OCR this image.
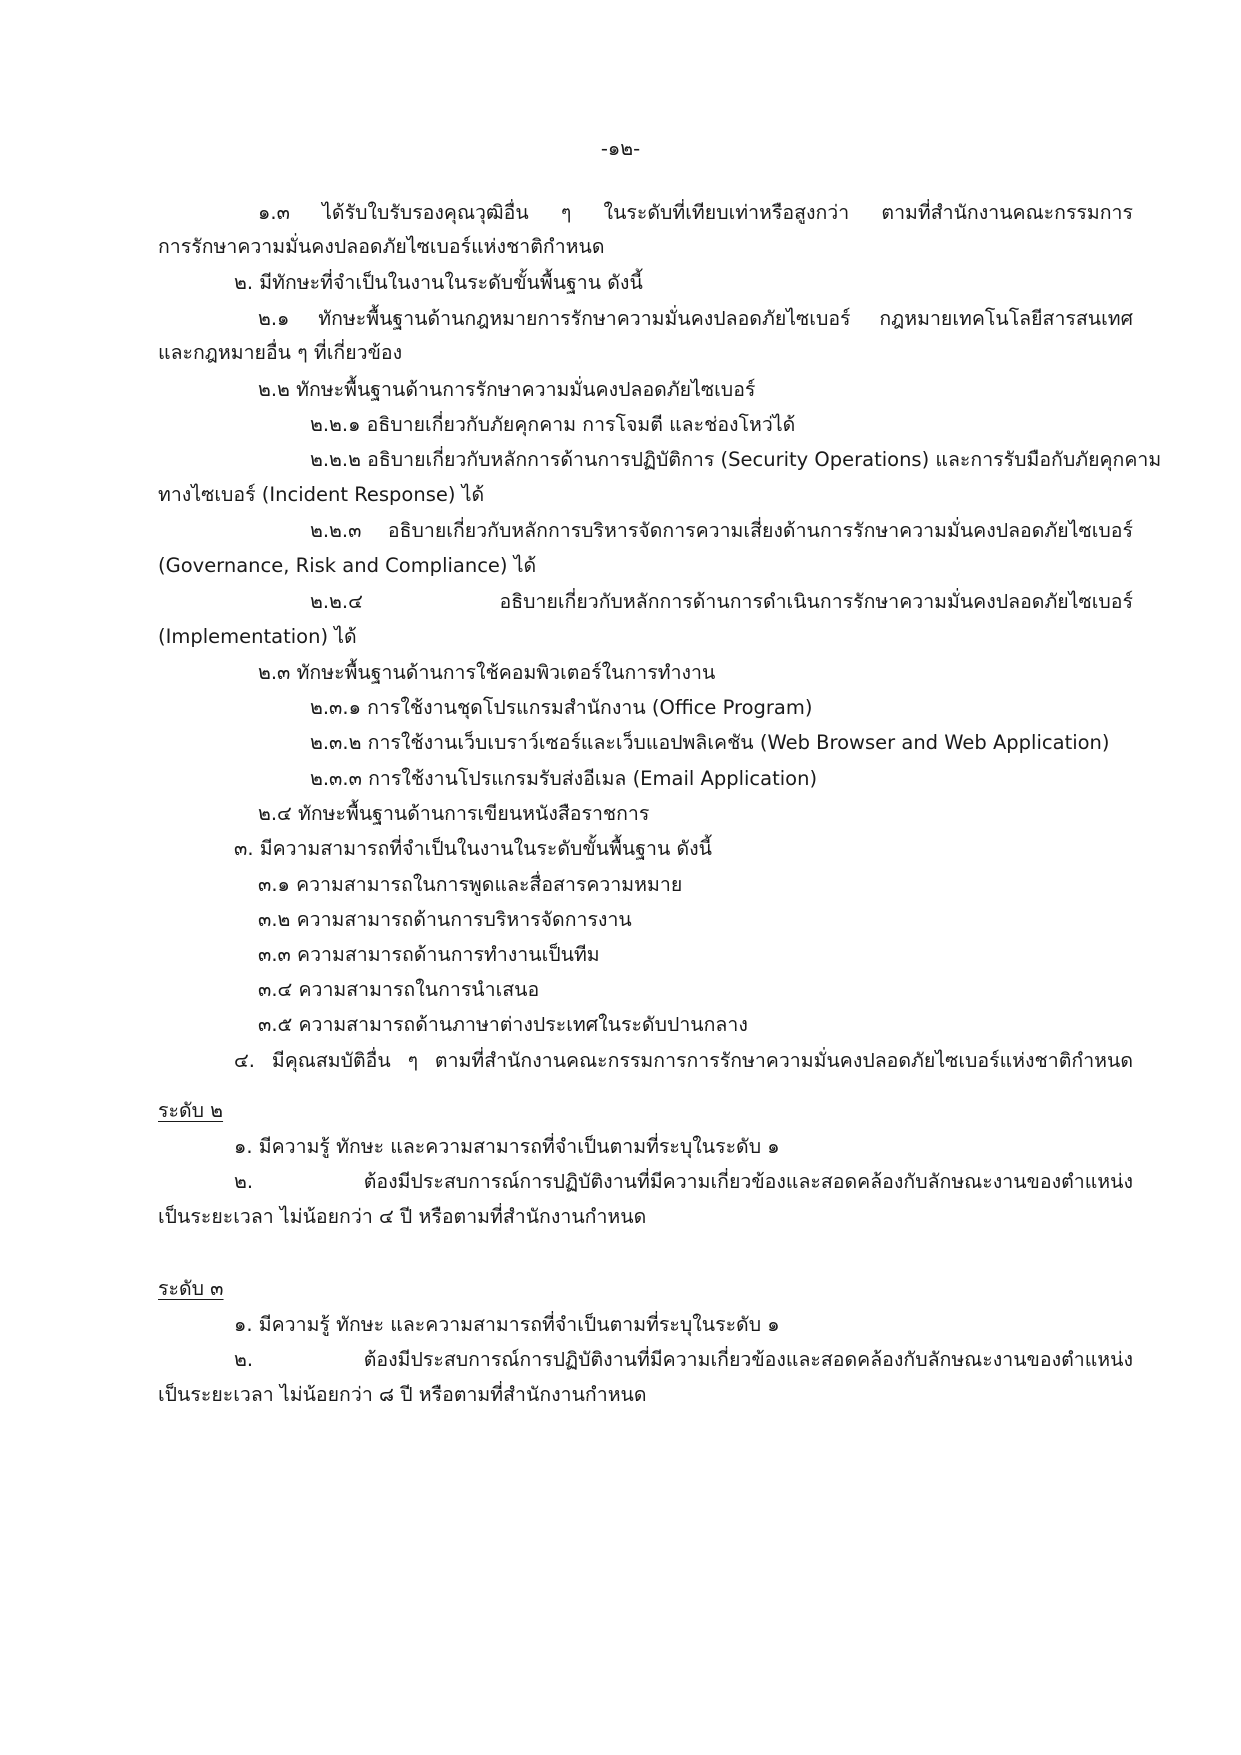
-๑๒-
๑.๓ ได้รับใบรับรองคุณวุฒิอื่น ๆ ในระดับที่เทียบเท่าหรือสูงกว่า ตามที่สำนักงานคณะกรรมการ
การรักษาความมั่นคงปลอดภัยไซเบอร์แห่งชาติกำหนด
๒. มีทักษะที่จำเป็นในงานในระดับขั้นพื้นฐาน ดังนี้
๒.๑ ทักษะพื้นฐานด้านกฎหมายการรักษาความมั่นคงปลอดภัยไซเบอร์ กฎหมายเทคโนโลยีสารสนเทศ
และกฎหมายอื่น ๆ ที่เกี่ยวข้อง
๒.๒ ทักษะพื้นฐานด้านการรักษาความมั่นคงปลอดภัยไซเบอร์
๒.๒.๑ อธิบายเกี่ยวกับภัยคุกคาม การโจมตี และช่องโหว่ได้
๒.๒.๒ อธิบายเกี่ยวกับหลักการด้านการปฏิบัติการ (Security Operations) และการรับมือกับภัยคุกคาม
ทางไซเบอร์ (Incident Response) ได้
๒.๒.๓ อธิบายเกี่ยวกับหลักการบริหารจัดการความเสี่ยงด้านการรักษาความมั่นคงปลอดภัยไซเบอร์
(Governance, Risk and Compliance) ได้
๒.๒.๔ อธิบายเกี่ยวกับหลักการด้านการดำเนินการรักษาความมั่นคงปลอดภัยไซเบอร์
(Implementation) ได้
๒.๓ ทักษะพื้นฐานด้านการใช้คอมพิวเตอร์ในการทำงาน
๒.๓.๑ การใช้งานชุดโปรแกรมสำนักงาน (Office Program)
๒.๓.๒ การใช้งานเว็บเบราว์เซอร์และเว็บแอปพลิเคชัน (Web Browser and Web Application)
๒.๓.๓ การใช้งานโปรแกรมรับส่งอีเมล (Email Application)
๒.๔ ทักษะพื้นฐานด้านการเขียนหนังสือราชการ
๓. มีความสามารถที่จำเป็นในงานในระดับขั้นพื้นฐาน ดังนี้
๓.๑ ความสามารถในการพูดและสื่อสารความหมาย
๓.๒ ความสามารถด้านการบริหารจัดการงาน
๓.๓ ความสามารถด้านการทำงานเป็นทีม
๓.๔ ความสามารถในการนำเสนอ
๓.๕ ความสามารถด้านภาษาต่างประเทศในระดับปานกลาง
๔. มีคุณสมบัติอื่น ๆ ตามที่สำนักงานคณะกรรมการการรักษาความมั่นคงปลอดภัยไซเบอร์แห่งชาติกำหนด
ระดับ ๒
๑. มีความรู้ ทักษะ และความสามารถที่จำเป็นตามที่ระบุในระดับ ๑
๒. ต้องมีประสบการณ์การปฏิบัติงานที่มีความเกี่ยวข้องและสอดคล้องกับลักษณะงานของตำแหน่ง
เป็นระยะเวลา ไม่น้อยกว่า ๔ ปี หรือตามที่สำนักงานกำหนด
ระดับ ๓
๑. มีความรู้ ทักษะ และความสามารถที่จำเป็นตามที่ระบุในระดับ ๑
๒. ต้องมีประสบการณ์การปฏิบัติงานที่มีความเกี่ยวข้องและสอดคล้องกับลักษณะงานของตำแหน่ง
เป็นระยะเวลา ไม่น้อยกว่า ๘ ปี หรือตามที่สำนักงานกำหนด
